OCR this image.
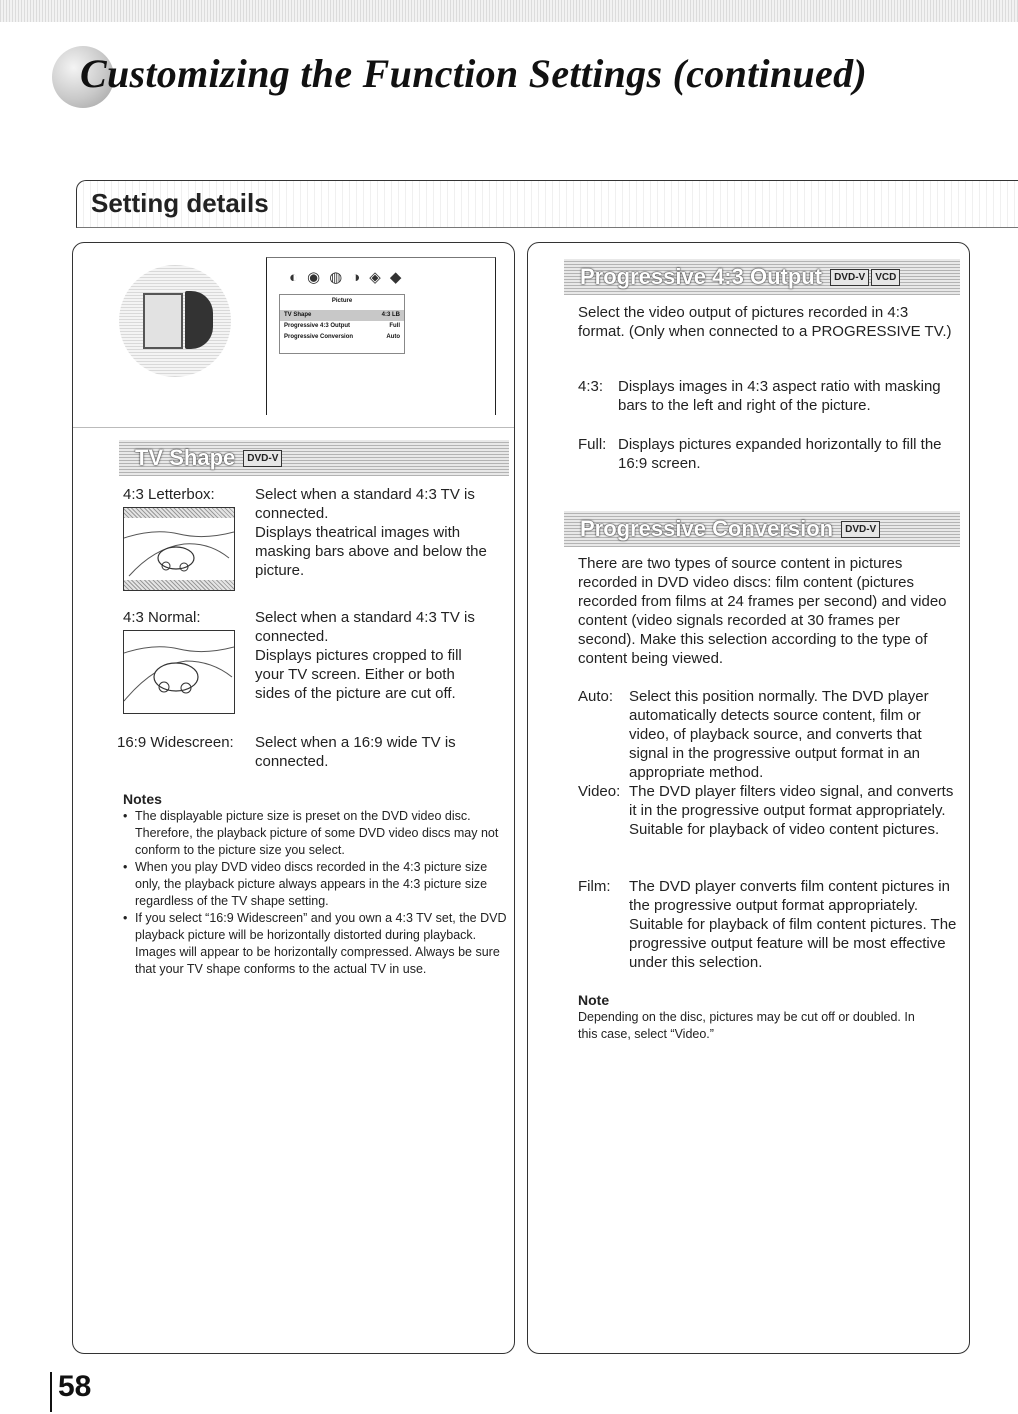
Customizing the Function Settings (continued)
Setting details
◐◉◍◑◈◆
Picture
TV Shape	4:3 LB
Progressive 4:3 Output	Full
Progressive Conversion	Auto
TV Shape DVD-V
4:3 Letterbox:	Select when a standard 4:3 TV is
connected.
Displays theatrical images with
masking bars above and below the
picture.
4:3 Normal:	Select when a standard 4:3 TV is
connected.
Displays pictures cropped to fill
your TV screen. Either or both
sides of the picture are cut off.
16:9 Widescreen: Select when a 16:9 wide TV is
connected.
Notes
• The displayable picture size is preset on the DVD video disc. Therefore, the playback picture of some DVD video discs may not conform to the picture size you select.
• When you play DVD video discs recorded in the 4:3 picture size only, the playback picture always appears in the 4:3 picture size regardless of the TV shape setting.
• If you select “16:9 Widescreen” and you own a 4:3 TV set, the DVD playback picture will be horizontally distorted during playback. Images will appear to be horizontally compressed. Always be sure that your TV shape conforms to the actual TV in use.
Progressive 4:3 Output DVD-V VCD
Select the video output of pictures recorded in 4:3 format. (Only when connected to a PROGRESSIVE TV.)
4:3: Displays images in 4:3 aspect ratio with masking bars to the left and right of the picture.
Full: Displays pictures expanded horizontally to fill the 16:9 screen.
Progressive Conversion DVD-V
There are two types of source content in pictures recorded in DVD video discs: film content (pictures recorded from films at 24 frames per second) and video content (video signals recorded at 30 frames per second). Make this selection according to the type of content being viewed.
Auto:	Select this position normally. The DVD player automatically detects source content, film or video, of playback source, and converts that signal in the progressive output format in an appropriate method.
Video: The DVD player filters video signal, and converts it in the progressive output format appropriately. Suitable for playback of video content pictures.
Film:	The DVD player converts film content pictures in the progressive output format appropriately. Suitable for playback of film content pictures. The progressive output feature will be most effective under this selection.
Note
Depending on the disc, pictures may be cut off or doubled. In this case, select “Video.”
58
